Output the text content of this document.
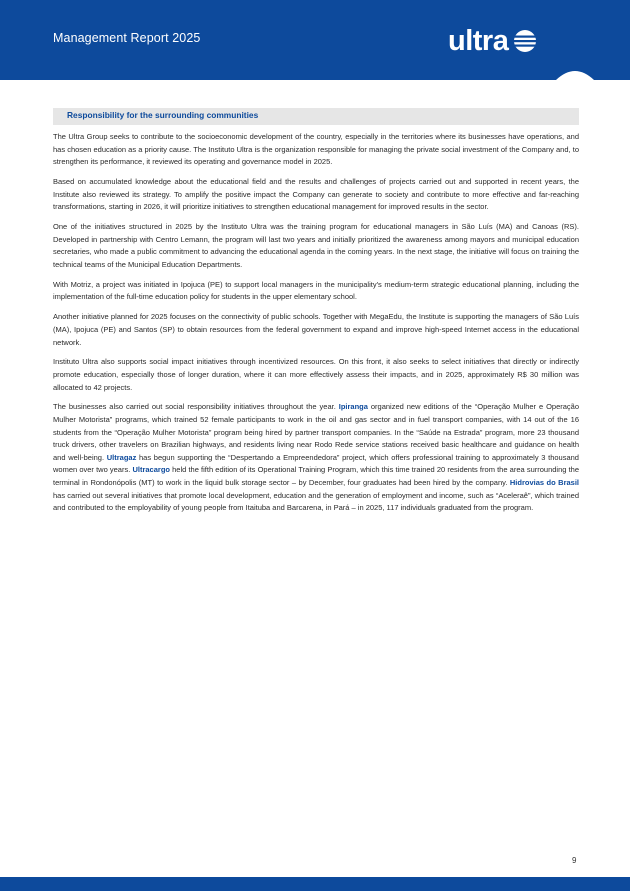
Management Report 2025	ultra
Responsibility for the surrounding communities

The Ultra Group seeks to contribute to the socioeconomic development of the country, especially in the territories where its businesses have operations, and has chosen education as a priority cause. The Instituto Ultra is the organization responsible for managing the private social investment of the Company and, to strengthen its performance, it reviewed its operating and governance model in 2025.

Based on accumulated knowledge about the educational field and the results and challenges of projects carried out and supported in recent years, the Institute also reviewed its strategy. To amplify the positive impact the Company can generate to society and contribute to more effective and far-reaching transformations, starting in 2026, it will prioritize initiatives to strengthen educational management for improved results in the sector.

One of the initiatives structured in 2025 by the Instituto Ultra was the training program for educational managers in São Luís (MA) and Canoas (RS). Developed in partnership with Centro Lemann, the program will last two years and initially prioritized the awareness among mayors and municipal education secretaries, who made a public commitment to advancing the educational agenda in the coming years. In the next stage, the initiative will focus on training the technical teams of the Municipal Education Departments.

With Motriz, a project was initiated in Ipojuca (PE) to support local managers in the municipality's medium-term strategic educational planning, including the implementation of the full-time education policy for students in the upper elementary school.

Another initiative planned for 2025 focuses on the connectivity of public schools. Together with MegaEdu, the Institute is supporting the managers of São Luís (MA), Ipojuca (PE) and Santos (SP) to obtain resources from the federal government to expand and improve high-speed Internet access in the educational network.

Instituto Ultra also supports social impact initiatives through incentivized resources. On this front, it also seeks to select initiatives that directly or indirectly promote education, especially those of longer duration, where it can more effectively assess their impacts, and in 2025, approximately R$ 30 million was allocated to 42 projects.

The businesses also carried out social responsibility initiatives throughout the year. Ipiranga organized new editions of the “Operação Mulher e Operação Mulher Motorista” programs, which trained 52 female participants to work in the oil and gas sector and in fuel transport companies, with 14 out of the 16 students from the “Operação Mulher Motorista” program being hired by partner transport companies. In the “Saúde na Estrada” program, more 23 thousand truck drivers, other travelers on Brazilian highways, and residents living near Rodo Rede service stations received basic healthcare and guidance on health and well-being. Ultragaz has begun supporting the “Despertando a Empreendedora” project, which offers professional training to approximately 3 thousand women over two years. Ultracargo held the fifth edition of its Operational Training Program, which this time trained 20 residents from the area surrounding the terminal in Rondonópolis (MT) to work in the liquid bulk storage sector – by December, four graduates had been hired by the company. Hidrovias do Brasil has carried out several initiatives that promote local development, education and the generation of employment and income, such as “Aceleraê”, which trained and contributed to the employability of young people from Itaituba and Barcarena, in Pará – in 2025, 117 individuals graduated from the program.

9
